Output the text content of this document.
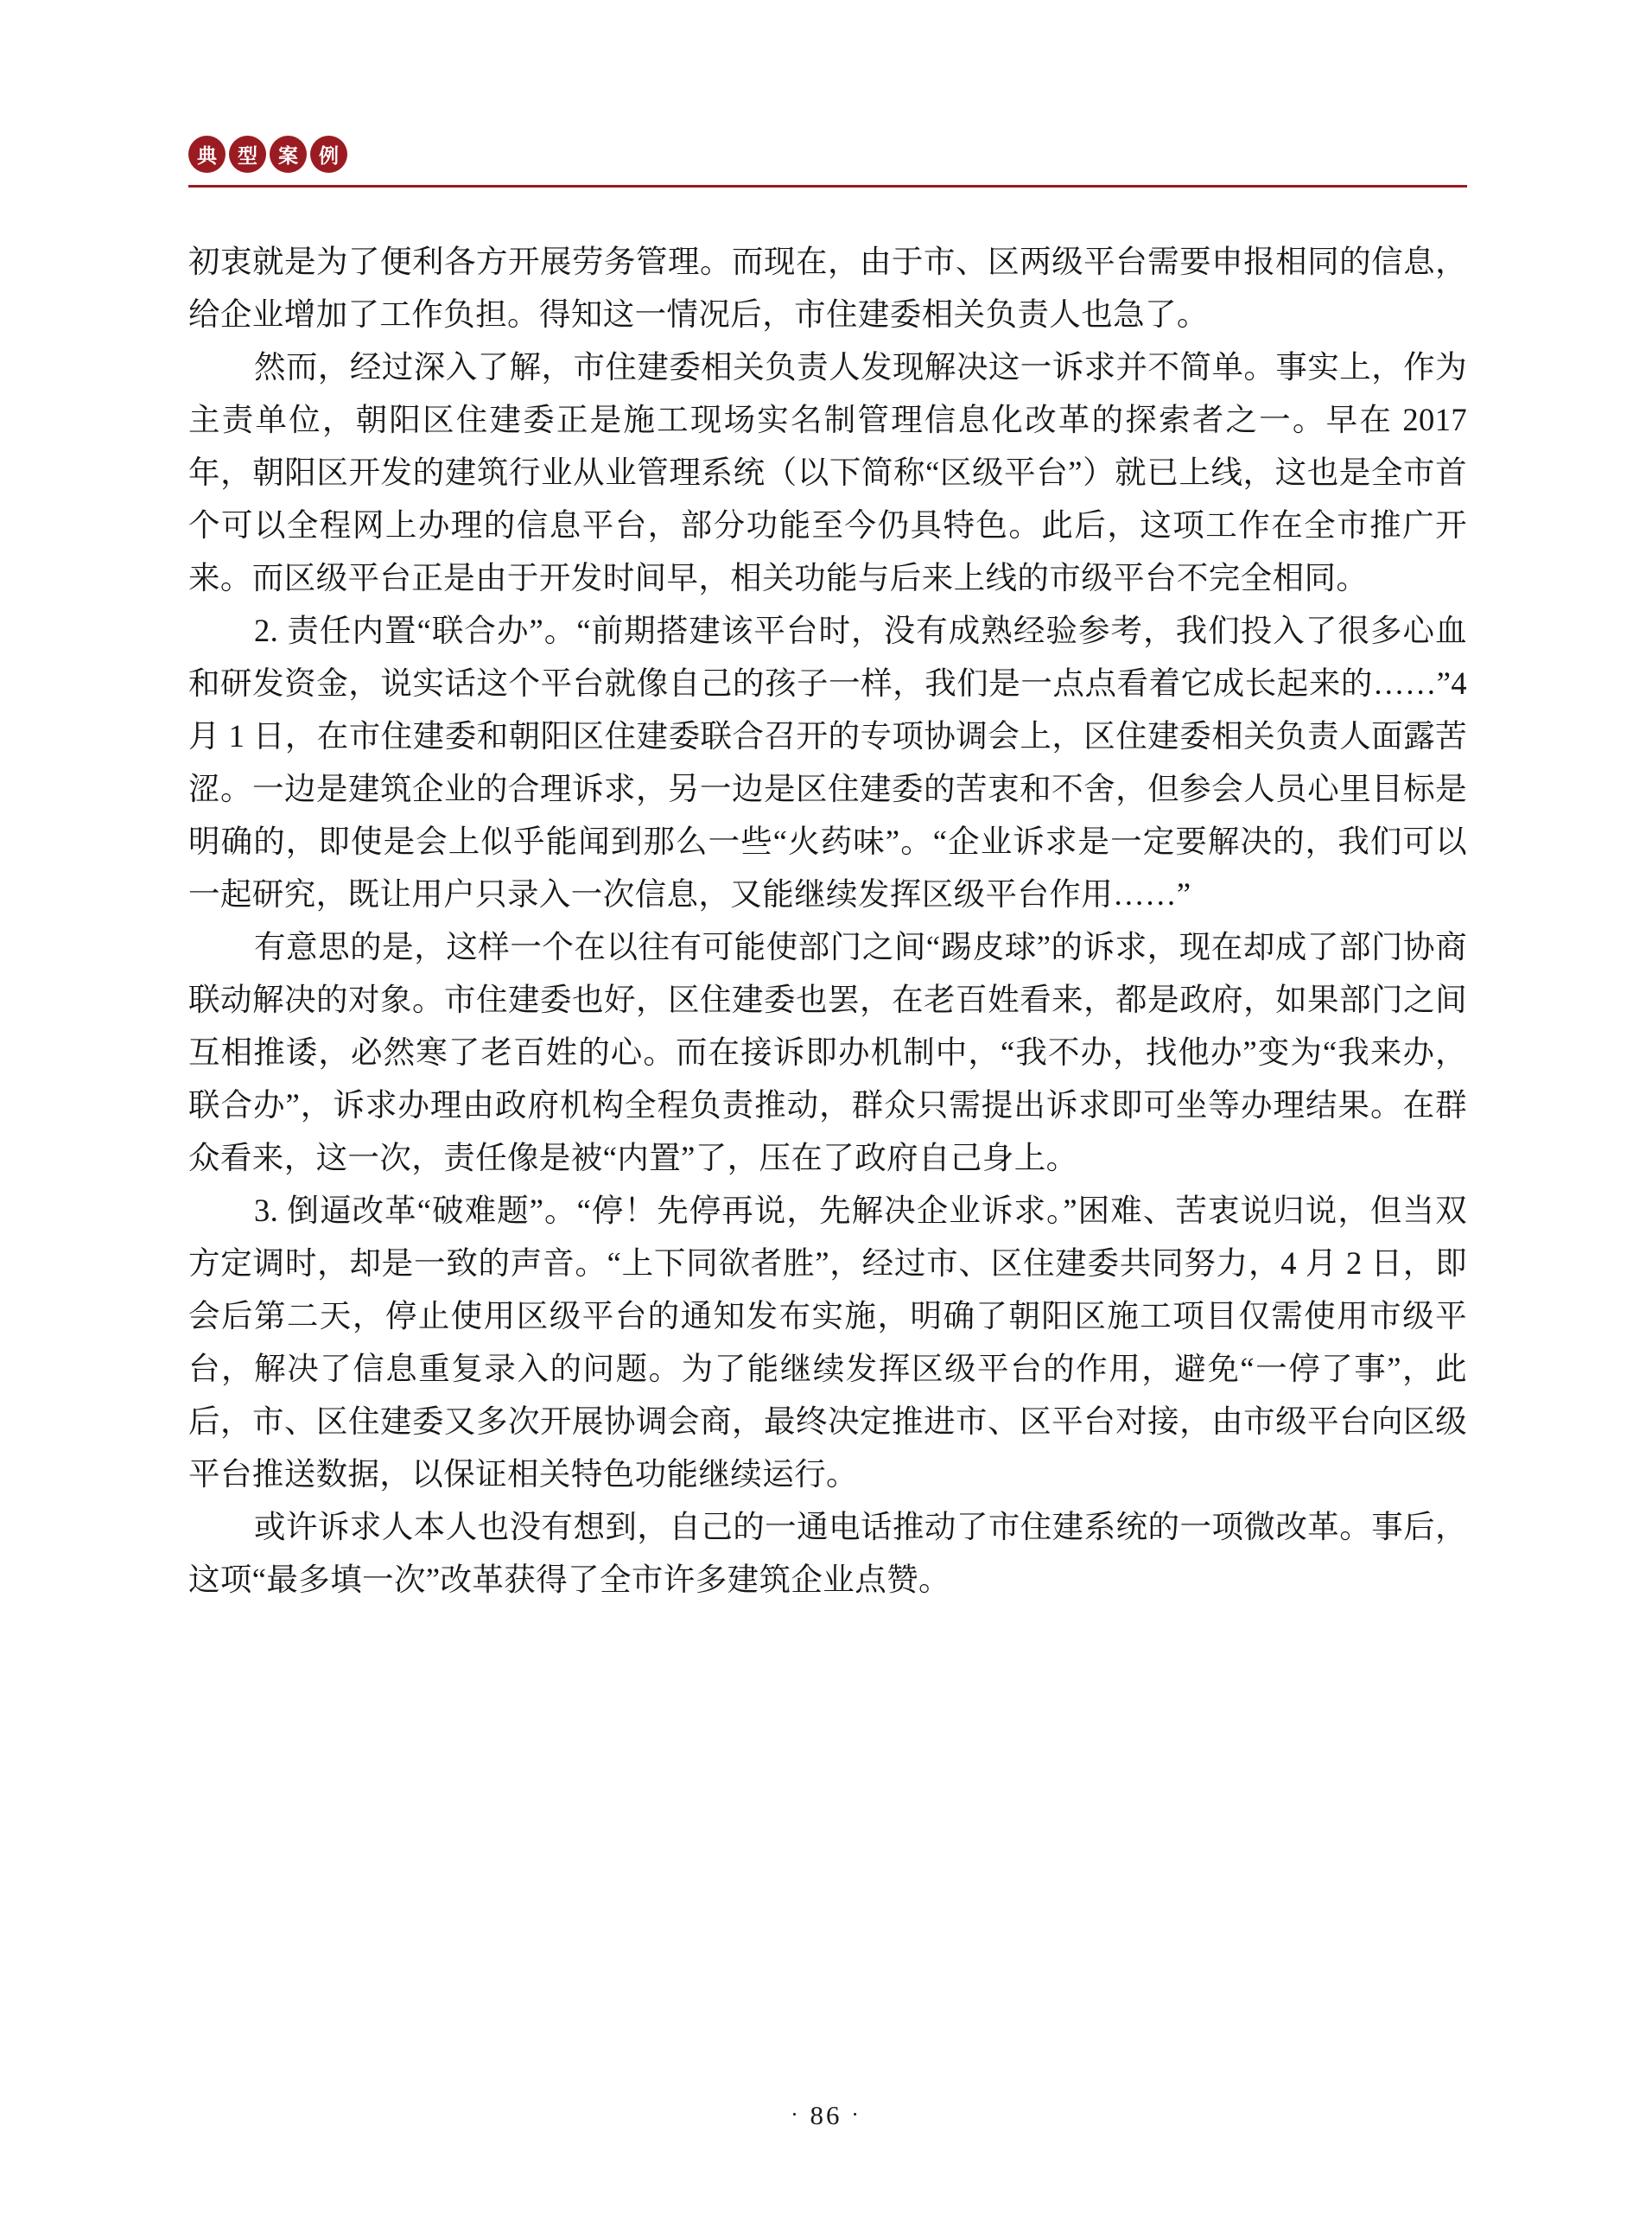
典	型	案	例

初衷就是为了便利各方开展劳务管理。而现在，由于市、区两级平台需要申报相同的信息，给企业增加了工作负担。得知这一情况后，市住建委相关负责人也急了。

然而，经过深入了解，市住建委相关负责人发现解决这一诉求并不简单。事实上，作为主责单位，朝阳区住建委正是施工现场实名制管理信息化改革的探索者之一。早在 2017 年，朝阳区开发的建筑行业从业管理系统（以下简称“区级平台”）就已上线，这也是全市首个可以全程网上办理的信息平台，部分功能至今仍具特色。此后，这项工作在全市推广开来。而区级平台正是由于开发时间早，相关功能与后来上线的市级平台不完全相同。

2. 责任内置“联合办”。“前期搭建该平台时，没有成熟经验参考，我们投入了很多心血和研发资金，说实话这个平台就像自己的孩子一样，我们是一点点看着它成长起来的……”4 月 1 日，在市住建委和朝阳区住建委联合召开的专项协调会上，区住建委相关负责人面露苦涩。一边是建筑企业的合理诉求，另一边是区住建委的苦衷和不舍，但参会人员心里目标是明确的，即使是会上似乎能闻到那么一些“火药味”。“企业诉求是一定要解决的，我们可以一起研究，既让用户只录入一次信息，又能继续发挥区级平台作用……”

有意思的是，这样一个在以往有可能使部门之间“踢皮球”的诉求，现在却成了部门协商联动解决的对象。市住建委也好，区住建委也罢，在老百姓看来，都是政府，如果部门之间互相推诿，必然寒了老百姓的心。而在接诉即办机制中，“我不办，找他办”变为“我来办，联合办”，诉求办理由政府机构全程负责推动，群众只需提出诉求即可坐等办理结果。在群众看来，这一次，责任像是被“内置”了，压在了政府自己身上。

3. 倒逼改革“破难题”。“停！先停再说，先解决企业诉求。”困难、苦衷说归说，但当双方定调时，却是一致的声音。“上下同欲者胜”，经过市、区住建委共同努力，4 月 2 日，即会后第二天，停止使用区级平台的通知发布实施，明确了朝阳区施工项目仅需使用市级平台，解决了信息重复录入的问题。为了能继续发挥区级平台的作用，避免“一停了事”，此后，市、区住建委又多次开展协调会商，最终决定推进市、区平台对接，由市级平台向区级平台推送数据，以保证相关特色功能继续运行。

或许诉求人本人也没有想到，自己的一通电话推动了市住建系统的一项微改革。事后，这项“最多填一次”改革获得了全市许多建筑企业点赞。

· 86 ·
